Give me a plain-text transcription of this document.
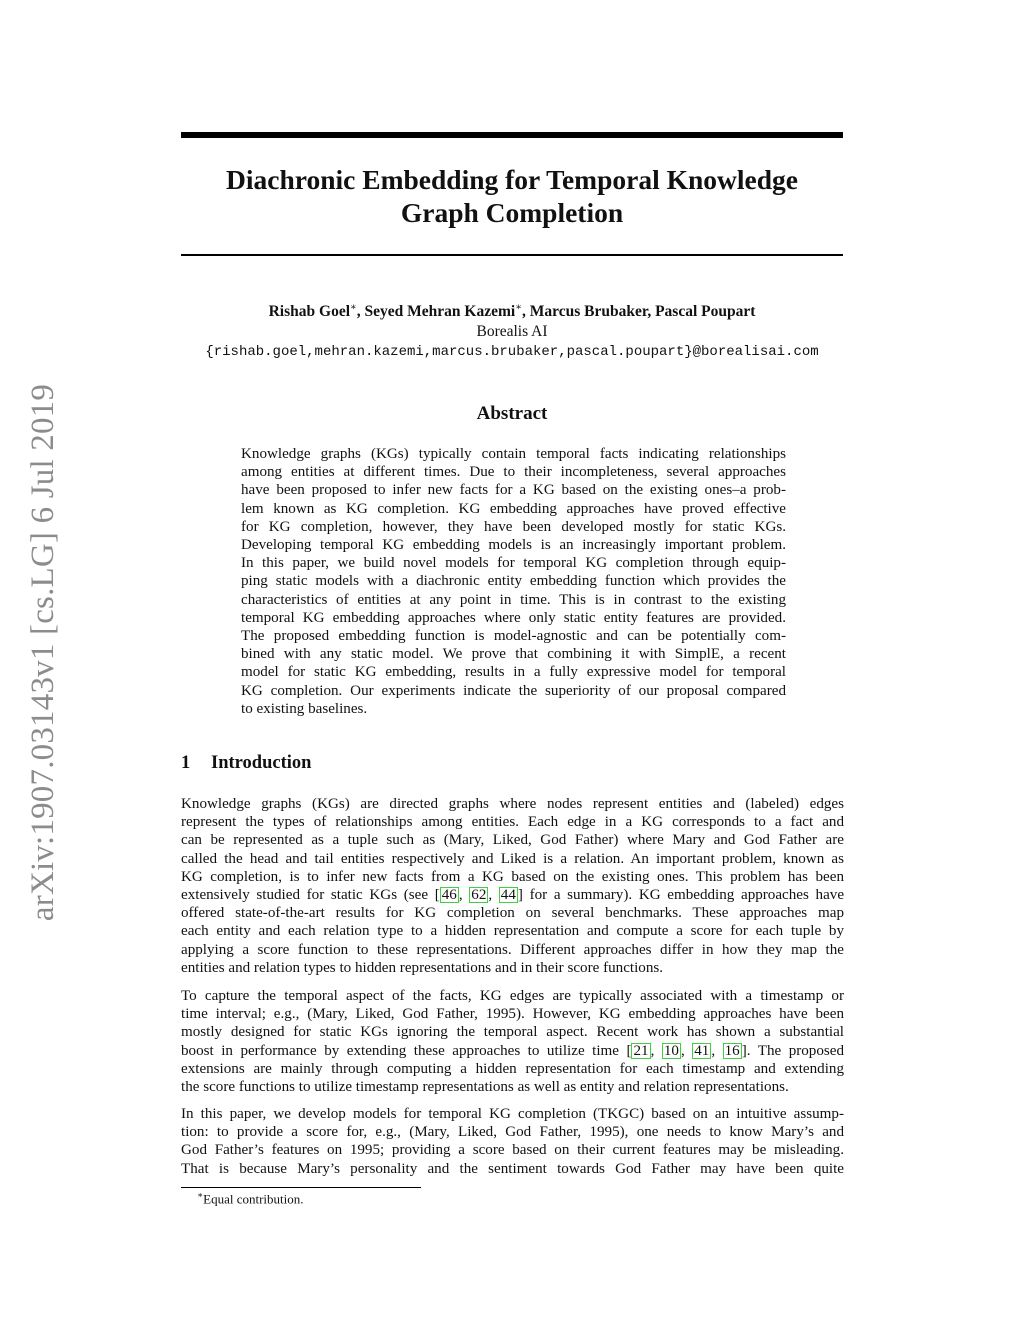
arXiv:1907.03143v1 [cs.LG] 6 Jul 2019
Diachronic Embedding for Temporal Knowledge
Graph Completion
Rishab Goel∗, Seyed Mehran Kazemi∗, Marcus Brubaker, Pascal Poupart
Borealis AI
{rishab.goel,mehran.kazemi,marcus.brubaker,pascal.poupart}@borealisai.com
Abstract
Knowledge graphs (KGs) typically contain temporal facts indicating relationships
among entities at different times. Due to their incompleteness, several approaches
have been proposed to infer new facts for a KG based on the existing ones–a prob-
lem known as KG completion. KG embedding approaches have proved effective
for KG completion, however, they have been developed mostly for static KGs.
Developing temporal KG embedding models is an increasingly important problem.
In this paper, we build novel models for temporal KG completion through equip-
ping static models with a diachronic entity embedding function which provides the
characteristics of entities at any point in time. This is in contrast to the existing
temporal KG embedding approaches where only static entity features are provided.
The proposed embedding function is model-agnostic and can be potentially com-
bined with any static model. We prove that combining it with SimplE, a recent
model for static KG embedding, results in a fully expressive model for temporal
KG completion. Our experiments indicate the superiority of our proposal compared
to existing baselines.
1 Introduction
Knowledge graphs (KGs) are directed graphs where nodes represent entities and (labeled) edges
represent the types of relationships among entities. Each edge in a KG corresponds to a fact and
can be represented as a tuple such as (Mary, Liked, God Father) where Mary and God Father are
called the head and tail entities respectively and Liked is a relation. An important problem, known as
KG completion, is to infer new facts from a KG based on the existing ones. This problem has been
extensively studied for static KGs (see [ 46 , 62 , 44 ] for a summary). KG embedding approaches have
offered state-of-the-art results for KG completion on several benchmarks. These approaches map
each entity and each relation type to a hidden representation and compute a score for each tuple by
applying a score function to these representations. Different approaches differ in how they map the
entities and relation types to hidden representations and in their score functions.
To capture the temporal aspect of the facts, KG edges are typically associated with a timestamp or
time interval; e.g., (Mary, Liked, God Father, 1995). However, KG embedding approaches have been
mostly designed for static KGs ignoring the temporal aspect. Recent work has shown a substantial
boost in performance by extending these approaches to utilize time [ 21 , 10 , 41 , 16 ]. The proposed
extensions are mainly through computing a hidden representation for each timestamp and extending
the score functions to utilize timestamp representations as well as entity and relation representations.
In this paper, we develop models for temporal KG completion (TKGC) based on an intuitive assump-
tion: to provide a score for, e.g., (Mary, Liked, God Father, 1995), one needs to know Mary’s and
God Father’s features on 1995; providing a score based on their current features may be misleading.
That is because Mary’s personality and the sentiment towards God Father may have been quite
∗Equal contribution.
